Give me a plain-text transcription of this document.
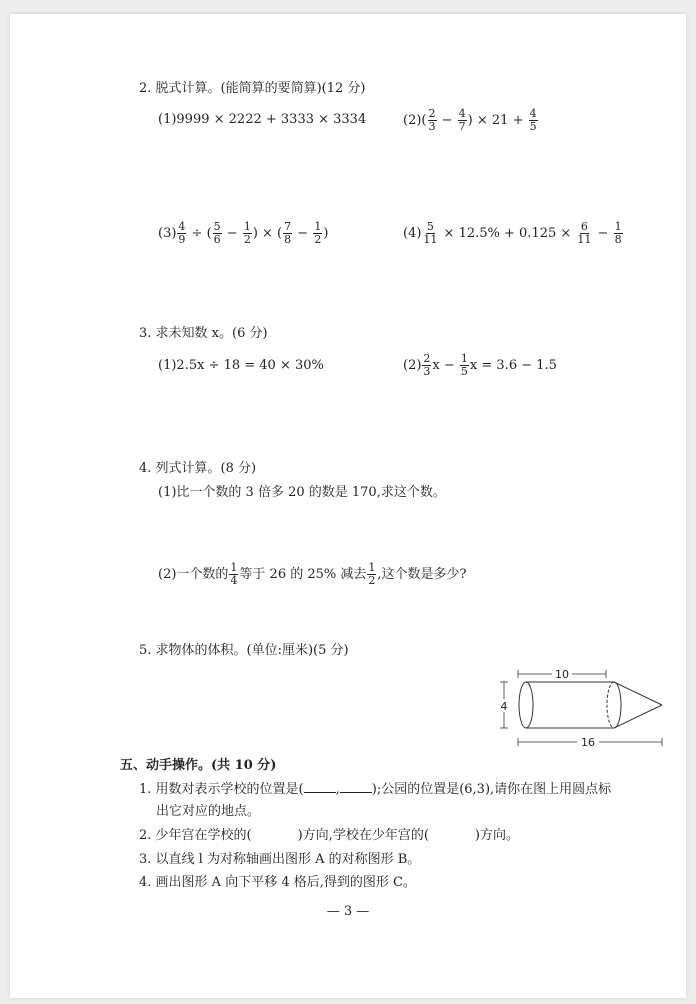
2. 脱式计算。(能简算的要简算)(12 分)
(1)9999 × 2222 + 3333 × 3334	$(2)( \frac{2}{3} - \frac{4}{7}$ ) × $21 + \frac{4}{5}$
$(3) \frac{4}{9}$ ÷ ( $\frac{5}{6} - \frac{1}{2}$ ) × ( $\frac{7}{8} - \frac{1}{2}$ )	$(4) \frac{5}{11} \times 12.5\% + 0.125 \times \frac{6}{11} - \frac{1}{8}$
3. 求未知数 x。(6 分)
(1)2.5x ÷ 18 = 40 × 30%	$(2) \frac{2}{3}$ $x - \frac{1}{5}$ x = 3.6 − 1.5
4. 列式计算。(8 分)
(1)比一个数的 3 倍多 20 的数是 170,求这个数。
(2)一个数的 $\frac{1}{4}$ 等于 26 的 25% 减去 $\frac{1}{2}$ ,这个数是多少?
5. 求物体的体积。(单位:厘米)(5 分)
10
4
16
五、动手操作。(共 10 分)
1. 用数对表示学校的位置是( , );公园的位置是(6,3),请你在图上用圆点标
出它对应的地点。
2. 少年宫在学校的(	)方向,学校在少年宫的(	)方向。
3. 以直线 l 为对称轴画出图形 A 的对称图形 B。
4. 画出图形 A 向下平移 4 格后,得到的图形 C。
— 3 —
